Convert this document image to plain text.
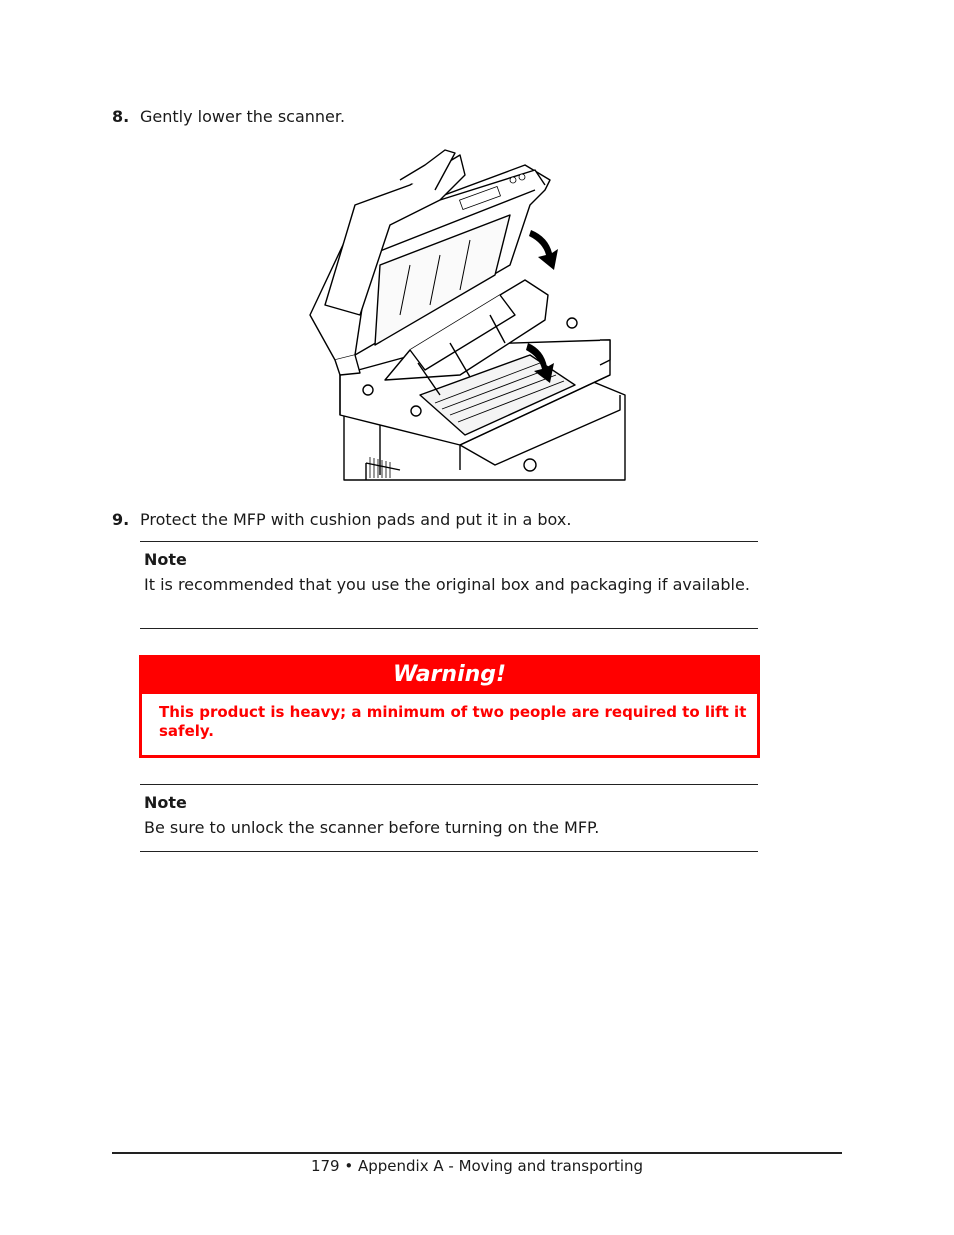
8. Gently lower the scanner.
9. Protect the MFP with cushion pads and put it in a box.
Note
It is recommended that you use the original box and packaging if available.
Warning!
This product is heavy; a minimum of two people are required to lift it safely.
Note
Be sure to unlock the scanner before turning on the MFP.
179 • Appendix A - Moving and transporting
